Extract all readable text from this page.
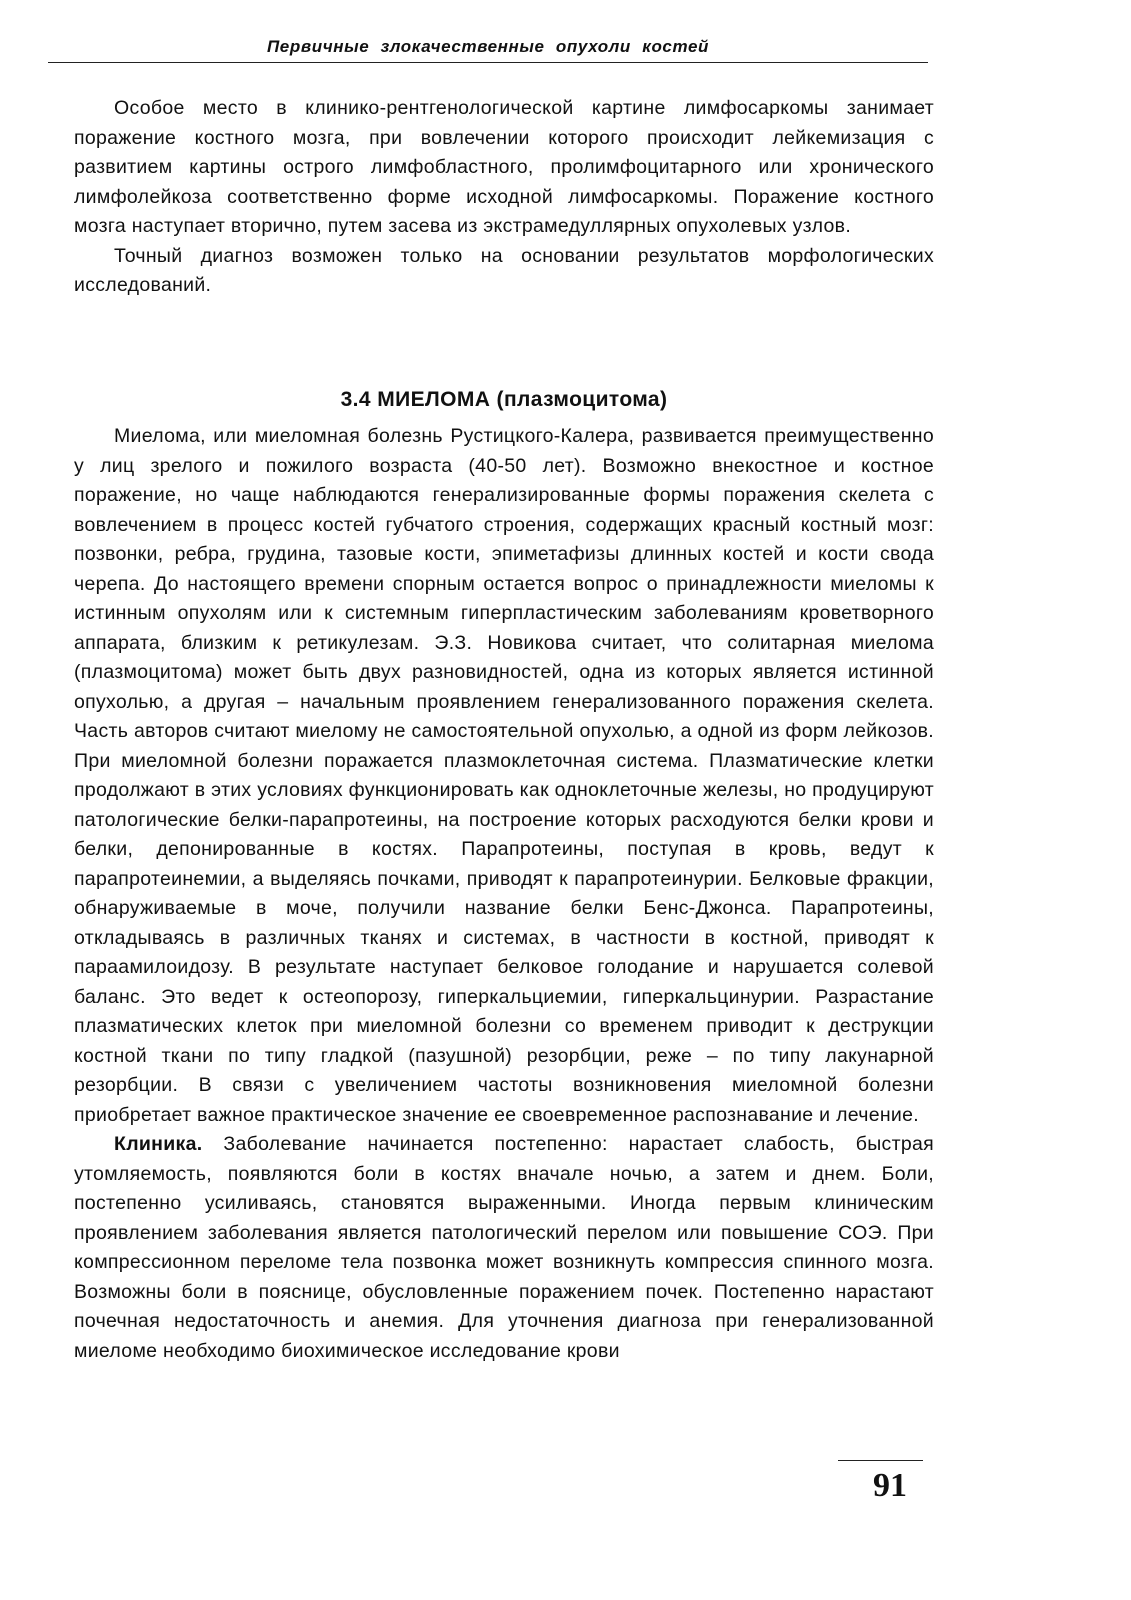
Первичные злокачественные опухоли костей

Особое место в клинико-рентгенологической картине лимфосаркомы занимает поражение костного мозга, при вовлечении которого происходит лейкемизация с развитием картины острого лимфобластного, пролимфоцитарного или хронического лимфолейкоза соответственно форме исходной лимфосаркомы. Поражение костного мозга наступает вторично, путем засева из экстрамедуллярных опухолевых узлов.

Точный диагноз возможен только на основании результатов морфологических исследований.

3.4 МИЕЛОМА (плазмоцитома)

Миелома, или миеломная болезнь Рустицкого-Калера, развивается преимущественно у лиц зрелого и пожилого возраста (40-50 лет). Возможно внекостное и костное поражение, но чаще наблюдаются генерализированные формы поражения скелета с вовлечением в процесс костей губчатого строения, содержащих красный костный мозг: позвонки, ребра, грудина, тазовые кости, эпиметафизы длинных костей и кости свода черепа. До настоящего времени спорным остается вопрос о принадлежности миеломы к истинным опухолям или к системным гиперпластическим заболеваниям кроветворного аппарата, близким к ретикулезам. Э.З. Новикова считает, что солитарная миелома (плазмоцитома) может быть двух разновидностей, одна из которых является истинной опухолью, а другая – начальным проявлением генерализованного поражения скелета. Часть авторов считают миелому не самостоятельной опухолью, а одной из форм лейкозов. При миеломной болезни поражается плазмоклеточная система. Плазматические клетки продолжают в этих условиях функционировать как одноклеточные железы, но продуцируют патологические белки-парапротеины, на построение которых расходуются белки крови и белки, депонированные в костях. Парапротеины, поступая в кровь, ведут к парапротеинемии, а выделяясь почками, приводят к парапротеинурии. Белковые фракции, обнаруживаемые в моче, получили название белки Бенс-Джонса. Парапротеины, откладываясь в различных тканях и системах, в частности в костной, приводят к параамилоидозу. В результате наступает белковое голодание и нарушается солевой баланс. Это ведет к остеопорозу, гиперкальциемии, гиперкальцинурии. Разрастание плазматических клеток при миеломной болезни со временем приводит к деструкции костной ткани по типу гладкой (пазушной) резорбции, реже – по типу лакунарной резорбции. В связи с увеличением частоты возникновения миеломной болезни приобретает важное практическое значение ее своевременное распознавание и лечение.

Клиника. Заболевание начинается постепенно: нарастает слабость, быстрая утомляемость, появляются боли в костях вначале ночью, а затем и днем. Боли, постепенно усиливаясь, становятся выраженными. Иногда первым клиническим проявлением заболевания является патологический перелом или повышение СОЭ. При компрессионном переломе тела позвонка может возникнуть компрессия спинного мозга. Возможны боли в пояснице, обусловленные поражением почек. Постепенно нарастают почечная недостаточность и анемия. Для уточнения диагноза при генерализованной миеломе необходимо биохимическое исследование крови

91
